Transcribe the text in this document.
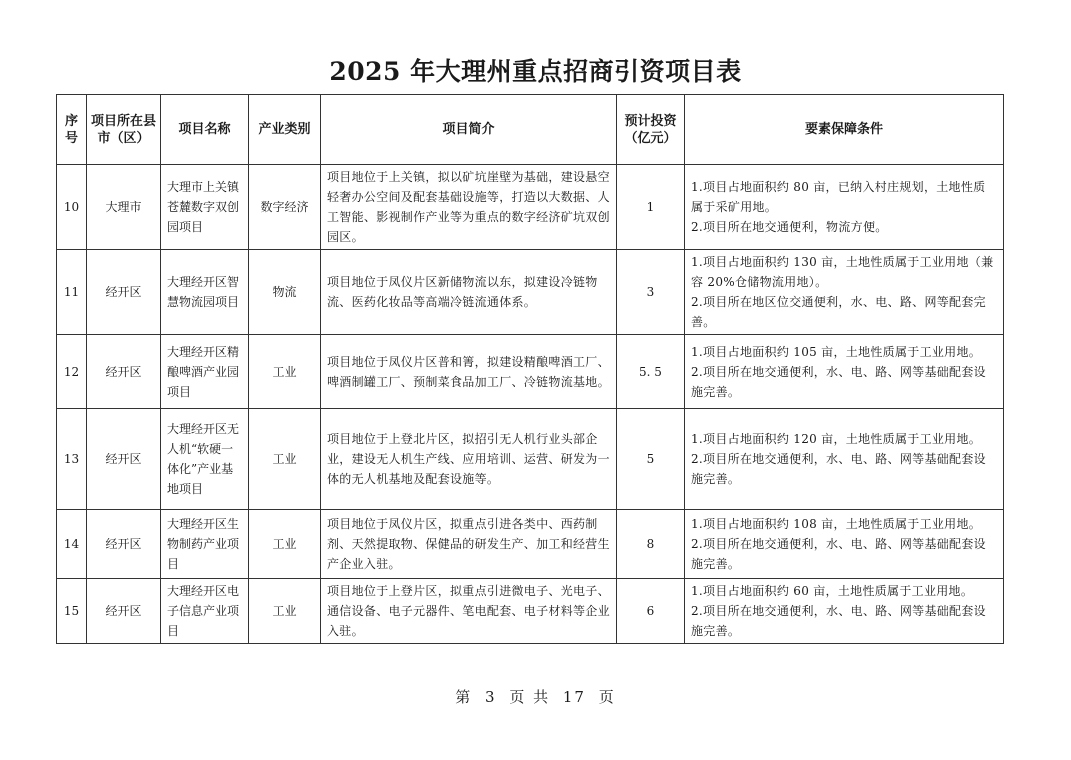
2025 年大理州重点招商引资项目表
序号	项目所在县市（区）	项目名称	产业类别	项目简介	预计投资（亿元）	要素保障条件
10	大理市	大理市上关镇苍麓数字双创园项目	数字经济	项目地位于上关镇，拟以矿坑崖壁为基础，建设悬空轻奢办公空间及配套基础设施等，打造以大数据、人工智能、影视制作产业等为重点的数字经济矿坑双创园区。	1	1.项目占地面积约 80 亩，已纳入村庄规划，土地性质属于采矿用地。
2.项目所在地交通便利，物流方便。

11	经开区	大理经开区智慧物流园项目	物流	项目地位于凤仪片区新储物流以东，拟建设冷链物流、医药化妆品等高端冷链流通体系。	3	1.项目占地面积约 130 亩，土地性质属于工业用地（兼容 20%仓储物流用地）。
2.项目所在地区位交通便利，水、电、路、网等配套完善。

12	经开区	大理经开区精酿啤酒产业园项目	工业	项目地位于凤仪片区普和箐，拟建设精酿啤酒工厂、啤酒制罐工厂、预制菜食品加工厂、冷链物流基地。	5. 5	1.项目占地面积约 105 亩，土地性质属于工业用地。
2.项目所在地交通便利，水、电、路、网等基础配套设施完善。

13	经开区	大理经开区无人机“软硬一体化”产业基地项目	工业	项目地位于上登北片区，拟招引无人机行业头部企业，建设无人机生产线、应用培训、运营、研发为一体的无人机基地及配套设施等。	5	1.项目占地面积约 120 亩，土地性质属于工业用地。
2.项目所在地交通便利，水、电、路、网等基础配套设施完善。

14	经开区	大理经开区生物制药产业项目	工业	项目地位于凤仪片区，拟重点引进各类中、西药制剂、天然提取物、保健品的研发生产、加工和经营生产企业入驻。	8	1.项目占地面积约 108 亩，土地性质属于工业用地。
2.项目所在地交通便利，水、电、路、网等基础配套设施完善。

15	经开区	大理经开区电子信息产业项目	工业	项目地位于上登片区，拟重点引进微电子、光电子、通信设备、电子元器件、笔电配套、电子材料等企业入驻。	6	1.项目占地面积约 60 亩，土地性质属于工业用地。
2.项目所在地交通便利，水、电、路、网等基础配套设施完善。
第 3 页 共 17 页
